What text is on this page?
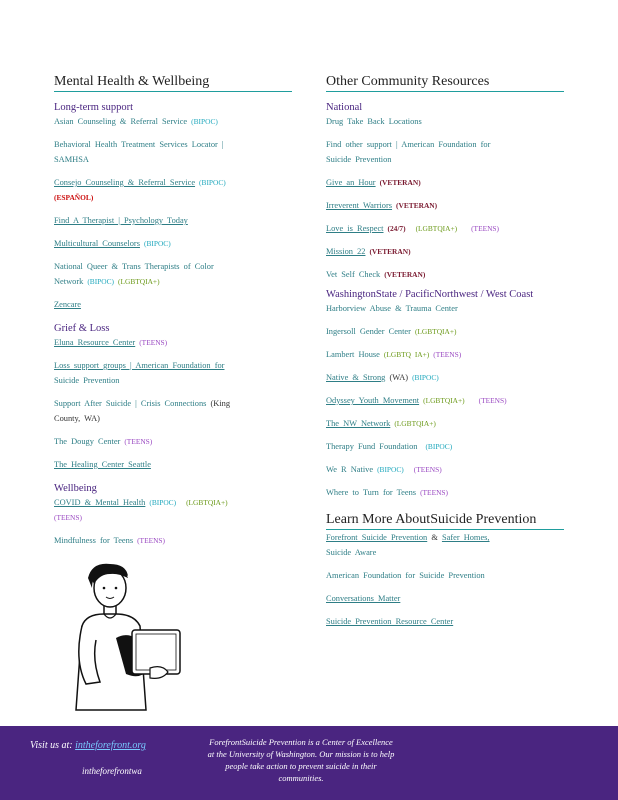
Mental Health & Wellbeing
Long-term support
Asian Counseling & Referral Service (BIPOC)
Behavioral Health Treatment Services Locator |
SAMHSA
Consejo Counseling & Referral Service (BIPOC)
(ESPAÑOL)
Find A Therapist | Psychology Today
Multicultural Counselors (BIPOC)
National Queer & Trans Therapists of Color
Network (BIPOC) (LGBTQIA+)
Zencare
Grief & Loss
Eluna Resource Center (TEENS)
Loss support groups | American Foundation for
Suicide Prevention
Support After Suicide | Crisis Connections (King
County, WA)
The Dougy Center (TEENS)
The Healing Center Seattle
Wellbeing
COVID & Mental Health (BIPOC) (LGBTQIA+)
(TEENS)
Mindfulness for Teens (TEENS)
Other Community Resources
National
Drug Take Back Locations
Find other support | American Foundation for
Suicide Prevention
Give an Hour (VETERAN)
Irreverent Warriors (VETERAN)
Love is Respect (24/7) (LGBTQIA+) (TEENS)
Mission 22 (VETERAN)
Vet Self Check (VETERAN)
WashingtonState / PacificNorthwest / West Coast
Harborview Abuse & Trauma Center
Ingersoll Gender Center (LGBTQIA+)
Lambert House (LGBTQ IA+) (TEENS)
Native & Strong (WA) (BIPOC)
Odyssey Youth Movement (LGBTQIA+) (TEENS)
The NW Network (LGBTQIA+)
Therapy Fund Foundation (BIPOC)
We R Native (BIPOC) (TEENS)
Where to Turn for Teens (TEENS)
Learn More AboutSuicide Prevention
Forefront Suicide Prevention & Safer Homes,
Suicide Aware
American Foundation for Suicide Prevention
Conversations Matter
Suicide Prevention Resource Center
Visit us at: intheforefront.org
intheforefrontwa
ForefrontSuicide Prevention is a Center of Excellence at the University of Washington. Our mission is to help people take action to prevent suicide in their communities.
